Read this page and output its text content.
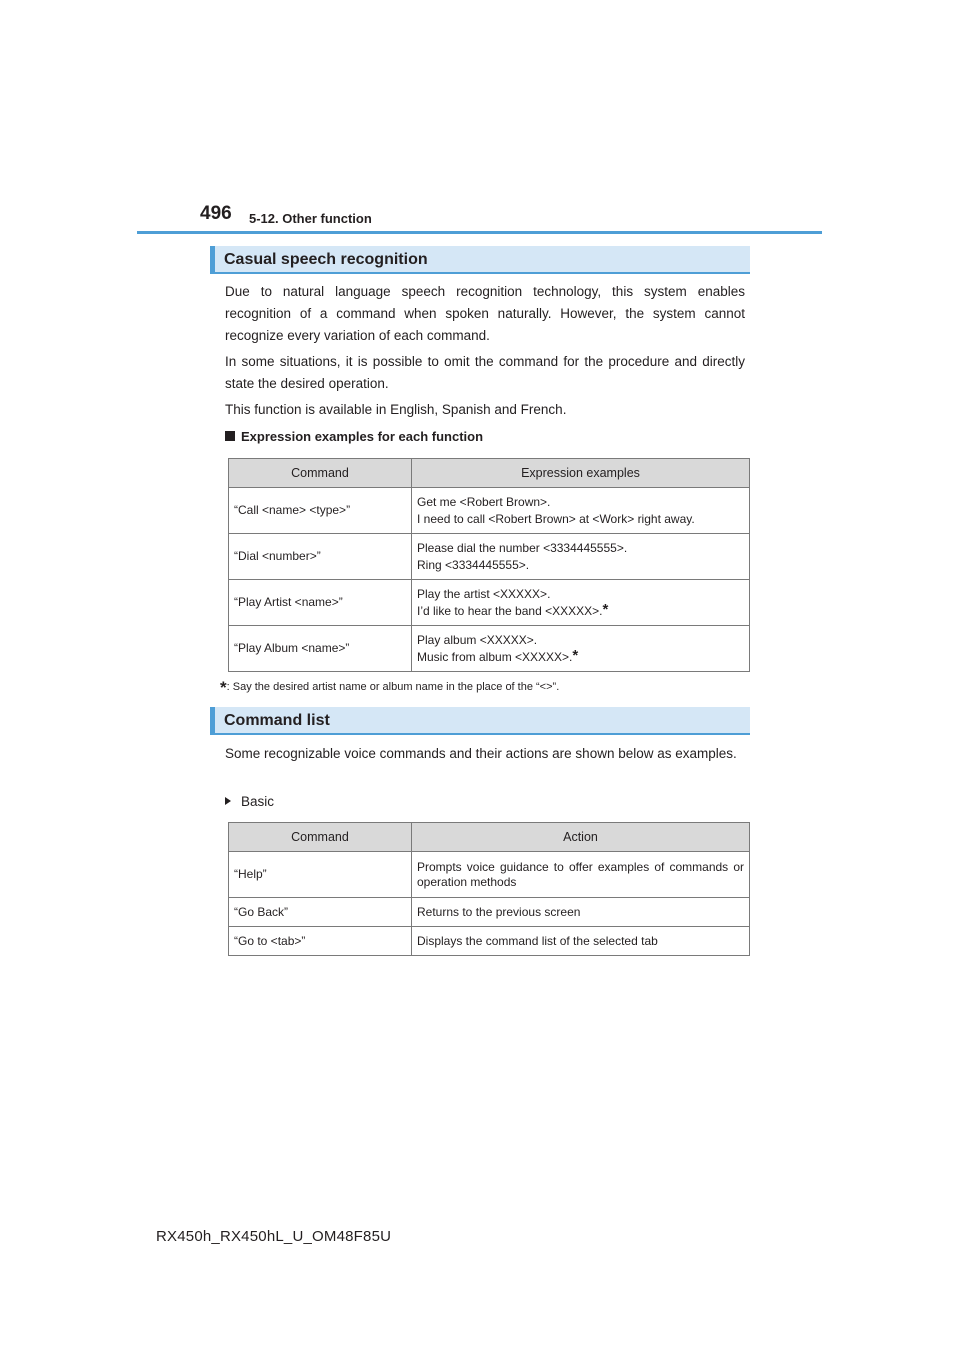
496 5-12. Other function
Casual speech recognition

Due to natural language speech recognition technology, this system enables recognition of a command when spoken naturally. However, the system cannot recognize every variation of each command.

In some situations, it is possible to omit the command for the procedure and directly state the desired operation.

This function is available in English, Spanish and French.

Expression examples for each function
Command	Expression examples
“Call <name> <type>”	Get me <Robert Brown>.
I need to call <Robert Brown> at <Work> right away.

“Dial <number>”	Please dial the number <3334445555>.
Ring <3334445555>.

“Play Artist <name>”	Play the artist <XXXXX>.
I’d like to hear the band <XXXXX>.*

“Play Album <name>”	Play album <XXXXX>.
Music from album <XXXXX>.*
*: Say the desired artist name or album name in the place of the “<>”.
Command list

Some recognizable voice commands and their actions are shown below as examples.

Basic
Command	Action
“Help”	Prompts voice guidance to offer examples of commands or operation methods
“Go Back”	Returns to the previous screen
“Go to <tab>”	Displays the command list of the selected tab
RX450h_RX450hL_U_OM48F85U
